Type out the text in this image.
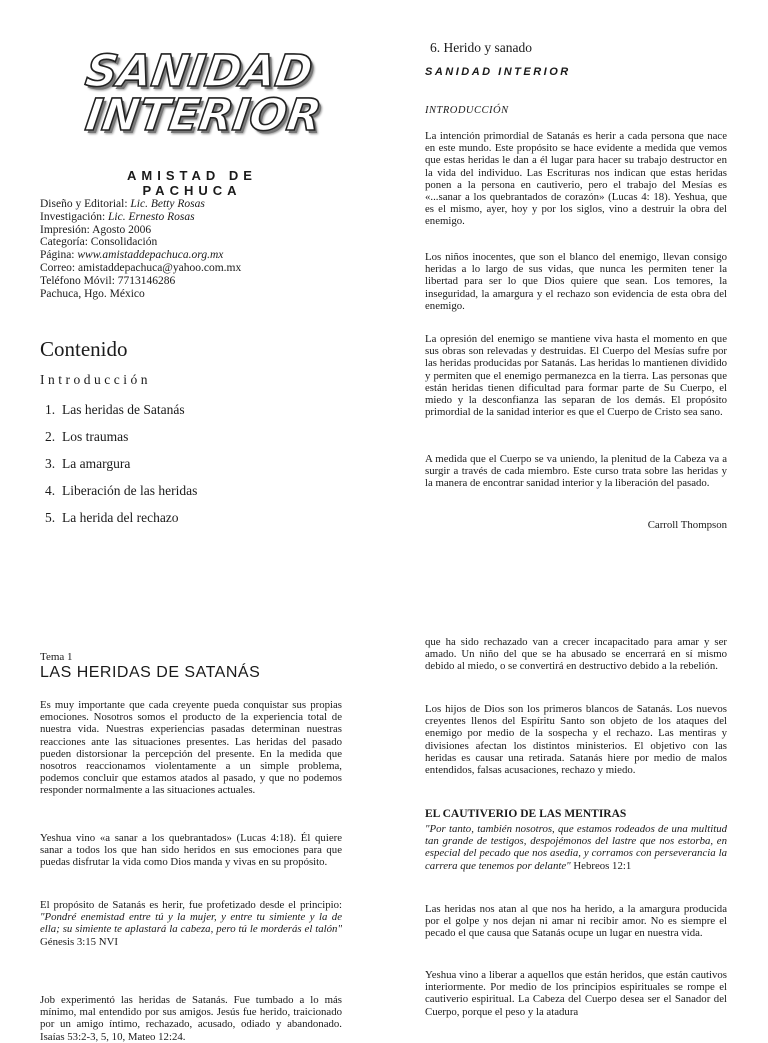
SANIDAD
INTERIOR
AMISTAD DE PACHUCA
Diseño y Editorial: Lic. Betty Rosas
Investigación: Lic. Ernesto Rosas
Impresión: Agosto 2006
Categoría: Consolidación
Página: www.amistaddepachuca.org.mx
Correo: amistaddepachuca@yahoo.com.mx
Teléfono Móvil: 7713146286
Pachuca, Hgo. México
Contenido
Introducción
1. Las heridas de Satanás
2. Los traumas
3. La amargura
4. Liberación de las heridas
5. La herida del rechazo
6. Herido y sanado
SANIDAD INTERIOR
INTRODUCCIÓN

La intención primordial de Satanás es herir a cada persona que nace en este mundo. Este propósito se hace evidente a medida que vemos que estas heridas le dan a él lugar para hacer su trabajo destructor en la vida del individuo. Las Escrituras nos indican que estas heridas ponen a la persona en cautiverio, pero el trabajo del Mesías es «...sanar a los quebrantados de corazón» (Lucas 4: 18). Yeshua, que es el mismo, ayer, hoy y por los siglos, vino a destruir la obra del enemigo.

Los niños inocentes, que son el blanco del enemigo, llevan consigo heridas a lo largo de sus vidas, que nunca les permiten tener la libertad para ser lo que Dios quiere que sean. Los temores, la inseguridad, la amargura y el rechazo son evidencia de esta obra del enemigo.

La opresión del enemigo se mantiene viva hasta el momento en que sus obras son relevadas y destruidas. El Cuerpo del Mesías sufre por las heridas producidas por Satanás. Las heridas lo mantienen dividido y permiten que el enemigo permanezca en la tierra. Las personas que están heridas tienen dificultad para formar parte de Su Cuerpo, el miedo y la desconfianza las separan de los demás. El propósito primordial de la sanidad interior es que el Cuerpo de Cristo sea sano.

A medida que el Cuerpo se va uniendo, la plenitud de la Cabeza va a surgir a través de cada miembro. Este curso trata sobre las heridas y la manera de encontrar sanidad interior y la liberación del pasado.

Carroll Thompson
Tema 1
LAS HERIDAS DE SATANÁS

Es muy importante que cada creyente pueda conquistar sus propias emociones. Nosotros somos el producto de la experiencia total de nuestra vida. Nuestras experiencias pasadas determinan nuestras reacciones ante las situaciones presentes. Las heridas del pasado pueden distorsionar la percepción del presente. En la medida que nosotros reaccionamos violentamente a un simple problema, podemos concluir que estamos atados al pasado, y que no podemos responder normalmente a las situaciones actuales.

Yeshua vino «a sanar a los quebrantados» (Lucas 4:18). Él quiere sanar a todos los que han sido heridos en sus emociones para que puedas disfrutar la vida como Dios manda y vivas en su propósito.

El propósito de Satanás es herir, fue profetizado desde el principio: "Pondré enemistad entre tú y la mujer, y entre tu simiente y la de ella; su simiente te aplastará la cabeza, pero tú le morderás el talón" Génesis 3:15 NVI

Job experimentó las heridas de Satanás. Fue tumbado a lo más mínimo, mal entendido por sus amigos. Jesús fue herido, traicionado por un amigo íntimo, rechazado, acusado, odiado y abandonado. Isaías 53:2-3, 5, 10, Mateo 12:24.

que ha sido rechazado van a crecer incapacitado para amar y ser amado. Un niño del que se ha abusado se encerrará en sí mismo debido al miedo, o se convertirá en destructivo debido a la rebelión.

Los hijos de Dios son los primeros blancos de Satanás. Los nuevos creyentes llenos del Espíritu Santo son objeto de los ataques del enemigo por medio de la sospecha y el rechazo. Las mentiras y divisiones afectan los distintos ministerios. El objetivo con las heridas es causar una retirada. Satanás hiere por medio de malos entendidos, falsas acusaciones, rechazo y miedo.

EL CAUTIVERIO DE LAS MENTIRAS

"Por tanto, también nosotros, que estamos rodeados de una multitud tan grande de testigos, despojémonos del lastre que nos estorba, en especial del pecado que nos asedia, y corramos con perseverancia la carrera que tenemos por delante" Hebreos 12:1

Las heridas nos atan al que nos ha herido, a la amargura producida por el golpe y nos dejan ni amar ni recibir amor. No es siempre el pecado el que causa que Satanás ocupe un lugar en nuestra vida.

Yeshua vino a liberar a aquellos que están heridos, que están cautivos interiormente. Por medio de los principios espirituales se rompe el cautiverio espiritual. La Cabeza del Cuerpo desea ser el Sanador del Cuerpo, porque el peso y la atadura
